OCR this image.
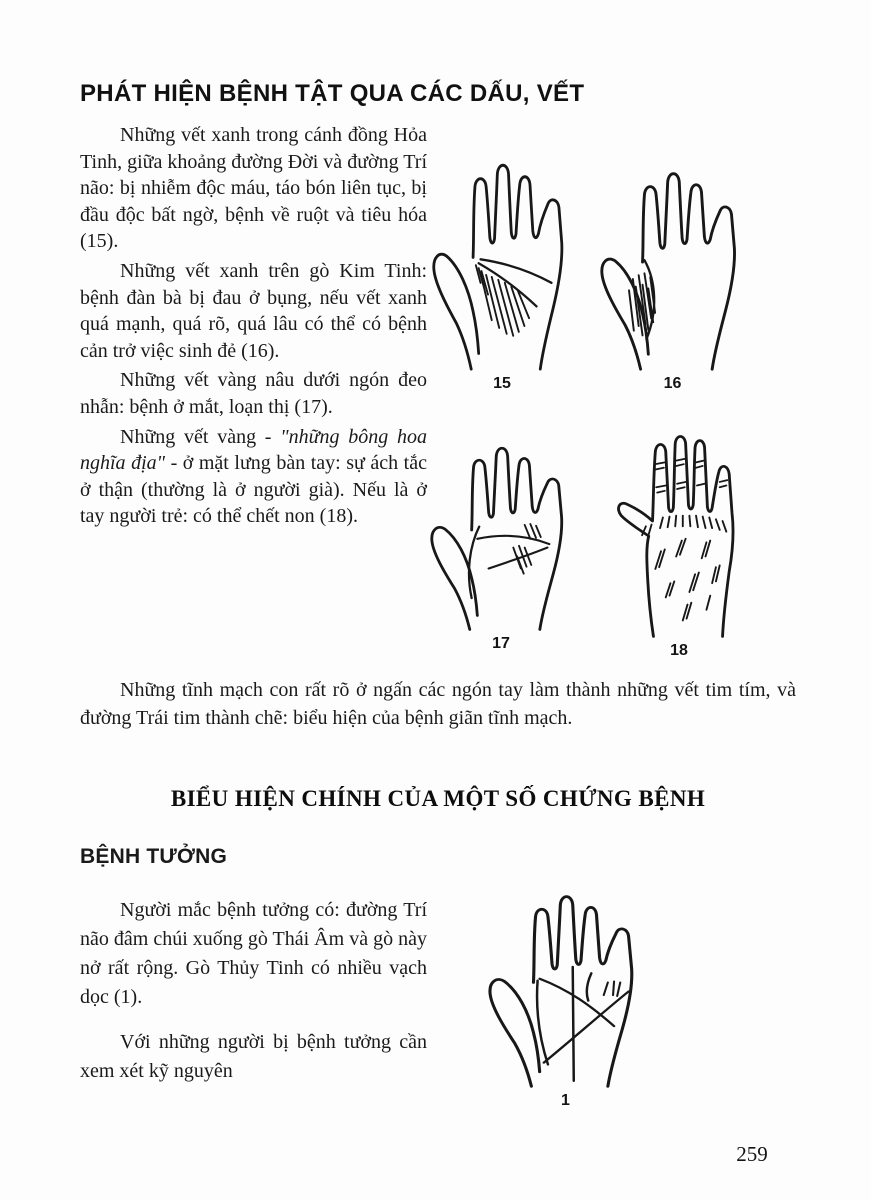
PHÁT HIỆN BỆNH TẬT QUA CÁC DẤU, VẾT

Những vết xanh trong cánh đồng Hỏa Tinh, giữa khoảng đường Đời và đường Trí não: bị nhiễm độc máu, táo bón liên tục, bị đầu độc bất ngờ, bệnh về ruột và tiêu hóa (15).

Những vết xanh trên gò Kim Tinh: bệnh đàn bà bị đau ở bụng, nếu vết xanh quá mạnh, quá rõ, quá lâu có thể có bệnh cản trở việc sinh đẻ (16).

Những vết vàng nâu dưới ngón đeo nhẫn: bệnh ở mắt, loạn thị (17).

Những vết vàng - "những bông hoa nghĩa địa" - ở mặt lưng bàn tay: sự ách tắc ở thận (thường là ở người già). Nếu là ở tay người trẻ: có thể chết non (18).

15	16
17	18

Những tĩnh mạch con rất rõ ở ngấn các ngón tay làm thành những vết tim tím, và đường Trái tim thành chẽ: biểu hiện của bệnh giãn tĩnh mạch.

BIỂU HIỆN CHÍNH CỦA MỘT SỐ CHỨNG BỆNH
BỆNH TƯỞNG

Người mắc bệnh tưởng có: đường Trí não đâm chúi xuống gò Thái Âm và gò này nở rất rộng. Gò Thủy Tinh có nhiều vạch dọc (1).

Với những người bị bệnh tưởng cần xem xét kỹ nguyên

1
259
